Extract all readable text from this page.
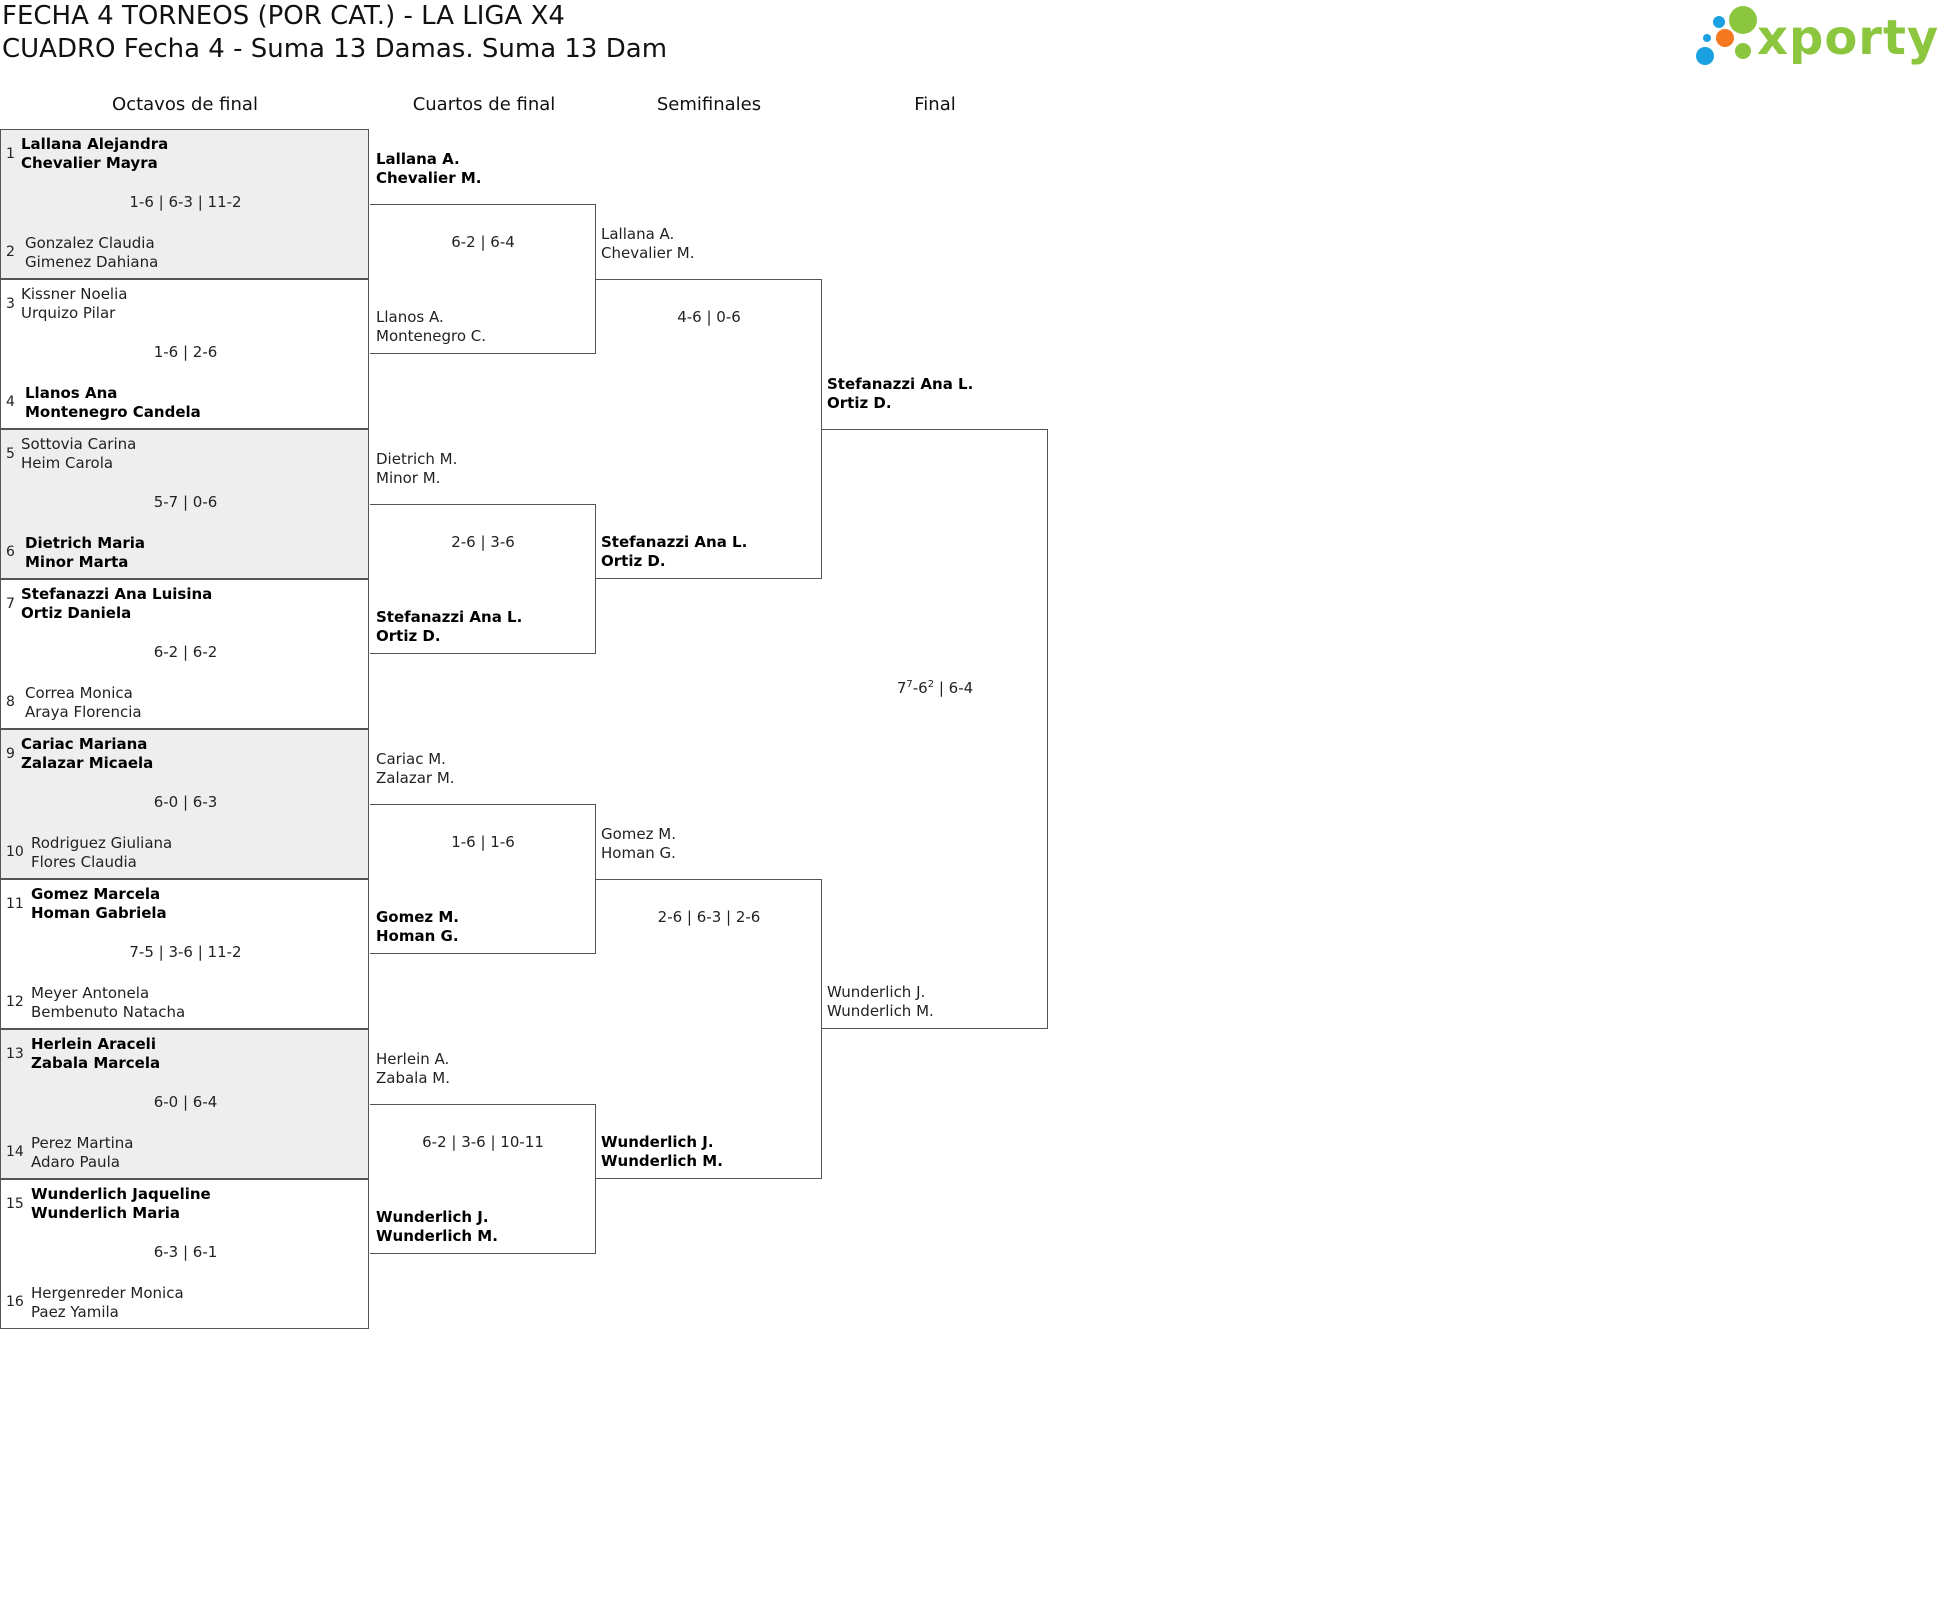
FECHA 4 TORNEOS (POR CAT.) - LA LIGA X4
CUADRO Fecha 4 - Suma 13 Damas. Suma 13 Dam	xporty
Octavos de final	Cuartos de final	Semifinales	Final
1
Lallana Alejandra
Chevalier Mayra
1-6 | 6-3 | 11-2
2 Gonzalez Claudia
Gimenez Dahiana
3
Kissner Noelia
Urquizo Pilar
1-6 | 2-6
4 Llanos Ana
Montenegro Candela
5
Sottovia Carina
Heim Carola
5-7 | 0-6
6 Dietrich Maria
Minor Marta
7
Stefanazzi Ana Luisina
Ortiz Daniela
6-2 | 6-2
8 Correa Monica
Araya Florencia
9
Cariac Mariana
Zalazar Micaela
6-0 | 6-3
10 Rodriguez Giuliana
Flores Claudia
11
Gomez Marcela
Homan Gabriela
7-5 | 3-6 | 11-2
12 Meyer Antonela
Bembenuto Natacha
13
Herlein Araceli
Zabala Marcela
6-0 | 6-4
14 Perez Martina
Adaro Paula
15
Wunderlich Jaqueline
Wunderlich Maria
6-3 | 6-1
16 Hergenreder Monica
Paez Yamila
Lallana A.
Chevalier M.
Llanos A.
Montenegro C.
6-2 | 6-4
Dietrich M.
Minor M.
Stefanazzi Ana L.
Ortiz D.
2-6 | 3-6
Cariac M.
Zalazar M.
Gomez M.
Homan G.
1-6 | 1-6
Herlein A.
Zabala M.
Wunderlich J.
Wunderlich M.
6-2 | 3-6 | 10-11
Lallana A.
Chevalier M.
Stefanazzi Ana L.
Ortiz D.
4-6 | 0-6
Gomez M.
Homan G.
Wunderlich J.
Wunderlich M.
2-6 | 6-3 | 2-6
Stefanazzi Ana L.
Ortiz D.
Wunderlich J.
Wunderlich M.
$7^7-6^2$ | 6-4
